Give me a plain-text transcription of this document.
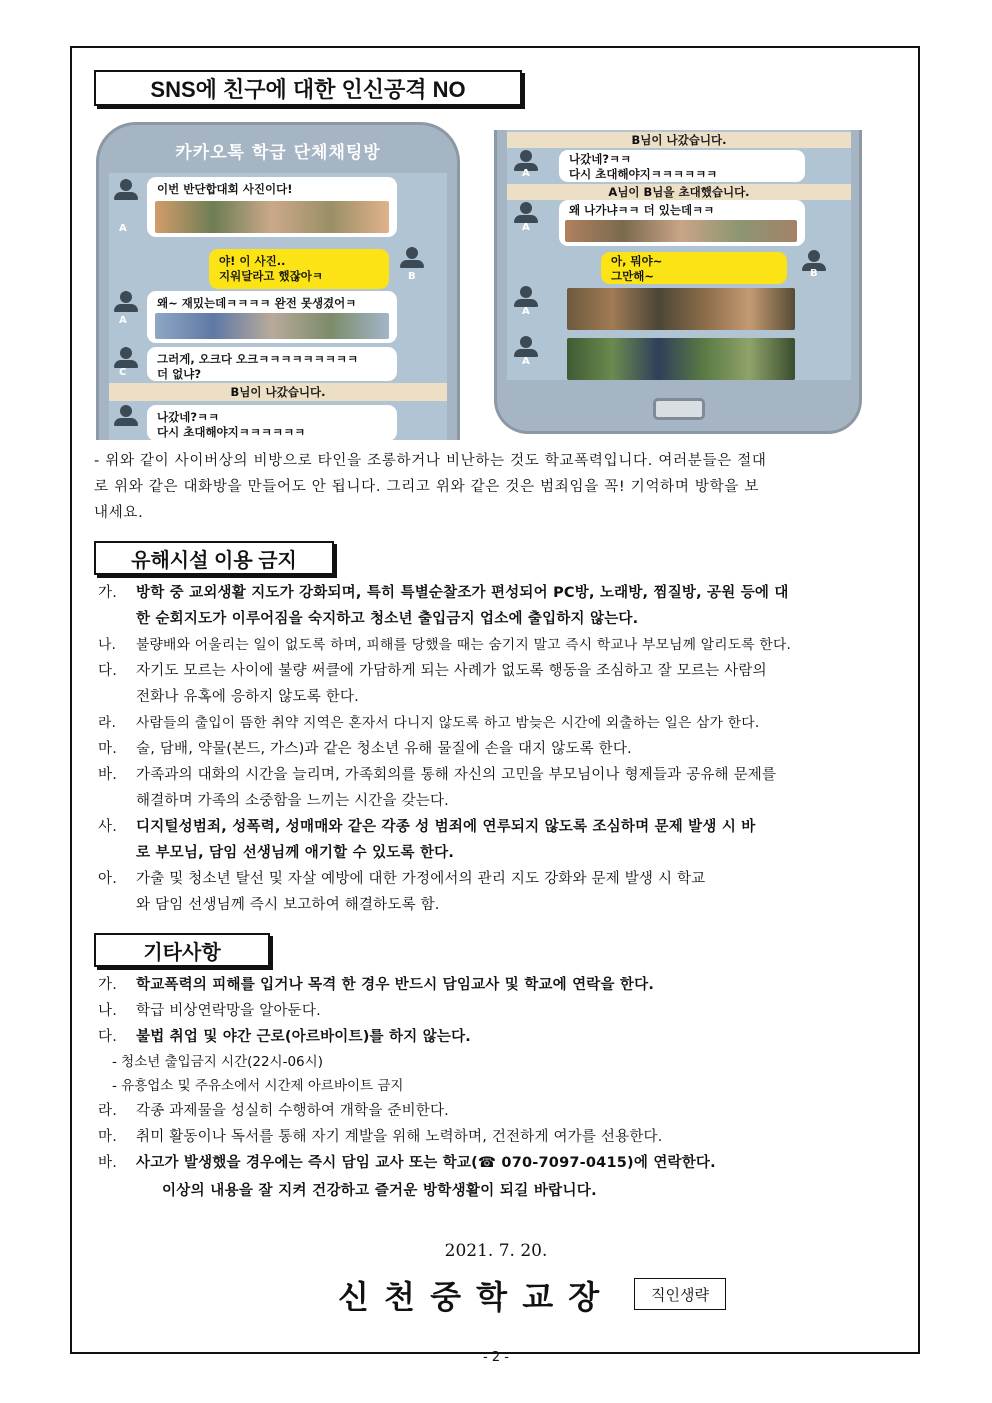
SNS에 친구에 대한 인신공격 NO
카카오톡 학급 단체채팅방
A
이번 반단합대회 사진이다!
야! 이 사진..
지워달라고 했잖아ㅋ	B
A
왜~ 재밌는데ㅋㅋㅋㅋ 완전 못생겼어ㅋ
C
그러게, 오크다 오크ㅋㅋㅋㅋㅋㅋㅋㅋㅋ
더 없냐?
B님이 나갔습니다.
나갔네?ㅋㅋ
다시 초대해야지ㅋㅋㅋㅋㅋㅋ
B님이 나갔습니다.
A
나갔네?ㅋㅋ
다시 초대해야지ㅋㅋㅋㅋㅋㅋ
A님이 B님을 초대했습니다.
A
왜 나가냐ㅋㅋ 더 있는데ㅋㅋ
아, 뭐야~
그만해~	B
A
A
- 위와 같이 사이버상의 비방으로 타인을 조롱하거나 비난하는 것도 학교폭력입니다. 여러분들은 절대
로 위와 같은 대화방을 만들어도 안 됩니다. 그리고 위와 같은 것은 범죄임을 꼭! 기억하며 방학을 보
내세요.
유해시설 이용 금지
가.	방학 중 교외생활 지도가 강화되며, 특히 특별순찰조가 편성되어 PC방, 노래방, 찜질방, 공원 등에 대
한 순회지도가 이루어짐을 숙지하고 청소년 출입금지 업소에 출입하지 않는다.
나.	불량배와 어울리는 일이 없도록 하며, 피해를 당했을 때는 숨기지 말고 즉시 학교나 부모님께 알리도록 한다.
다.	자기도 모르는 사이에 불량 써클에 가담하게 되는 사례가 없도록 행동을 조심하고 잘 모르는 사람의
전화나 유혹에 응하지 않도록 한다.
라.	사람들의 출입이 뜸한 취약 지역은 혼자서 다니지 않도록 하고 밤늦은 시간에 외출하는 일은 삼가 한다.
마.	술, 담배, 약물(본드, 가스)과 같은 청소년 유해 물질에 손을 대지 않도록 한다.
바.	가족과의 대화의 시간을 늘리며, 가족회의를 통해 자신의 고민을 부모님이나 형제들과 공유해 문제를
해결하며 가족의 소중함을 느끼는 시간을 갖는다.
사.	디지털성범죄, 성폭력, 성매매와 같은 각종 성 범죄에 연루되지 않도록 조심하며 문제 발생 시 바
로 부모님, 담임 선생님께 애기할 수 있도록 한다.
아.	가출 및 청소년 탈선 및 자살 예방에 대한 가정에서의 관리 지도 강화와 문제 발생 시 학교
와 담임 선생님께 즉시 보고하여 해결하도록 함.
기타사항
가.	학교폭력의 피해를 입거나 목격 한 경우 반드시 담임교사 및 학교에 연락을 한다.
나.	학급 비상연락망을 알아둔다.
다.	불법 취업 및 야간 근로(아르바이트)를 하지 않는다.
- 청소년 출입금지 시간(22시-06시)
- 유흥업소 및 주유소에서 시간제 아르바이트 금지
라.	각종 과제물을 성실히 수행하여 개학을 준비한다.
마.	취미 활동이나 독서를 통해 자기 계발을 위해 노력하며, 건전하게 여가를 선용한다.
바.	사고가 발생했을 경우에는 즉시 담임 교사 또는 학교(☎ 070-7097-0415)에 연락한다.
이상의 내용을 잘 지켜 건강하고 즐거운 방학생활이 되길 바랍니다.
2021. 7. 20.
신 천 중 학 교 장	직인생략
- 2 -
